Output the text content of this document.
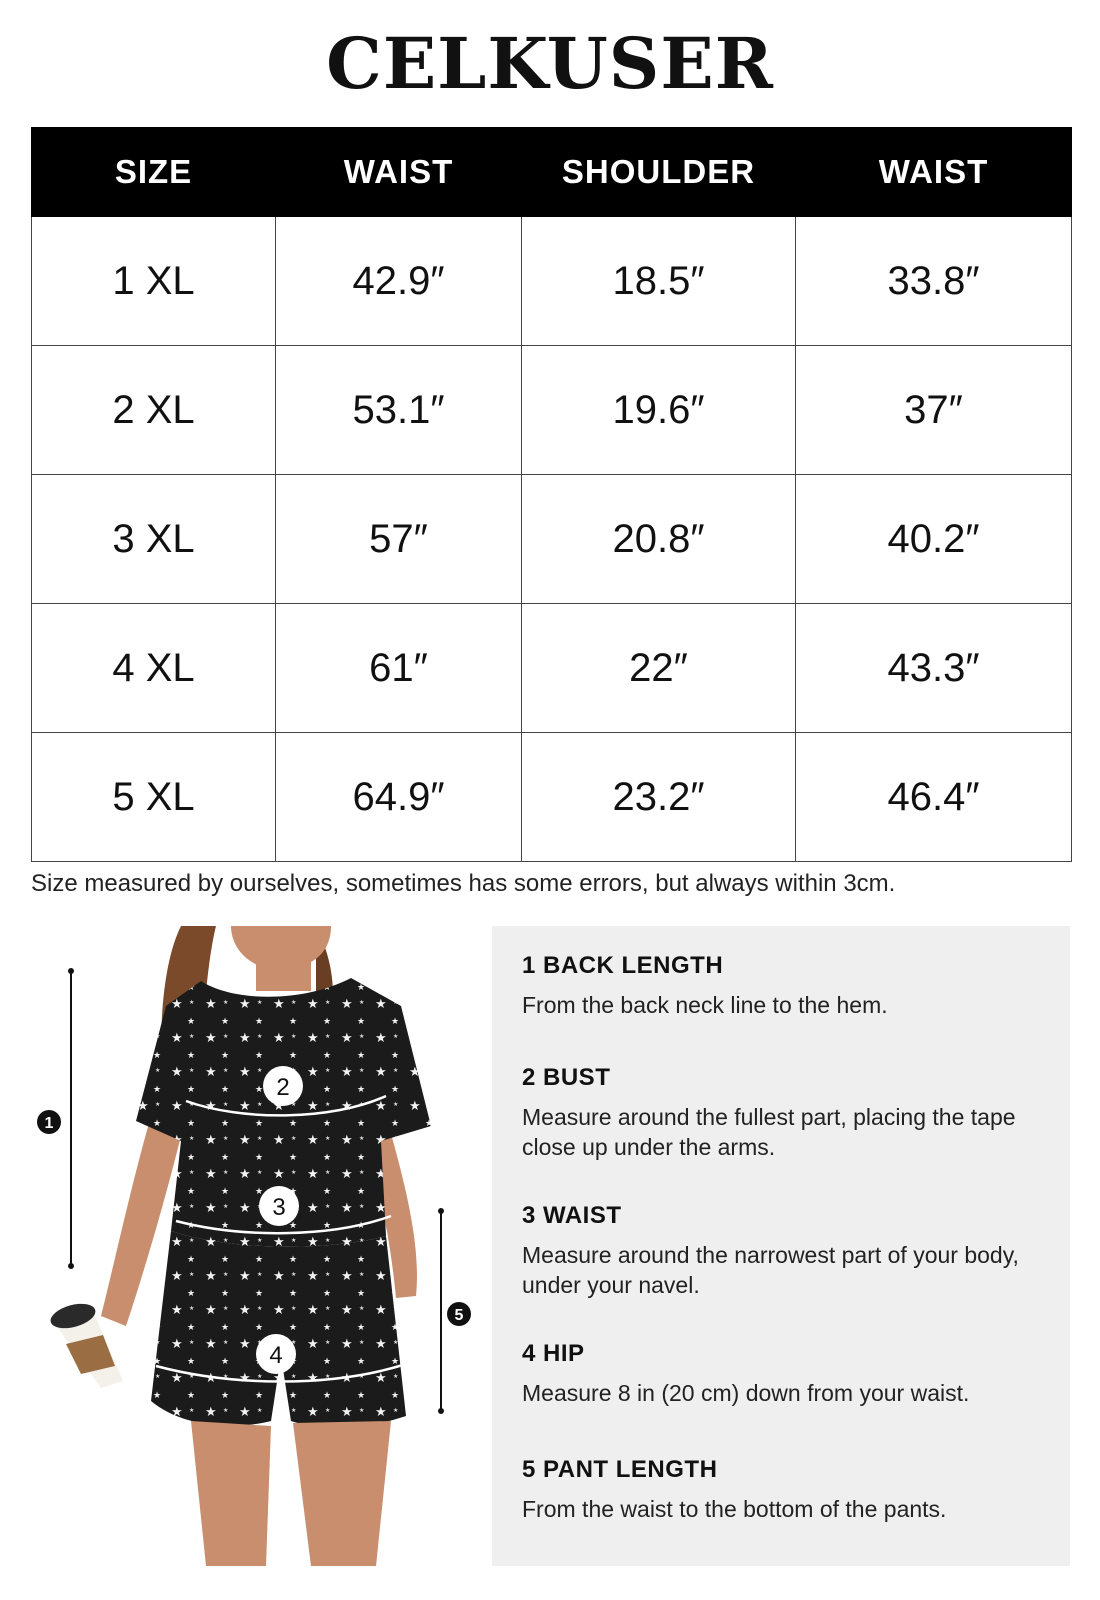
CELKUSER
SIZE	WAIST	SHOULDER	WAIST
1 XL	42.9″	18.5″	33.8″
2 XL	53.1″	19.6″	37″
3 XL	57″	20.8″	40.2″
4 XL	61″	22″	43.3″
5 XL	64.9″	23.2″	46.4″
Size measured by ourselves, sometimes has some errors, but always within 3cm.
1
2
3
4
5

1 BACK LENGTH

From the back neck line to the hem.

2 BUST

Measure around the fullest part, placing the tape close up under the arms.

3 WAIST

Measure around the narrowest part of your body, under your navel.

4 HIP

Measure 8 in (20 cm) down from your waist.

5 PANT LENGTH

From the waist to the bottom of the pants.
